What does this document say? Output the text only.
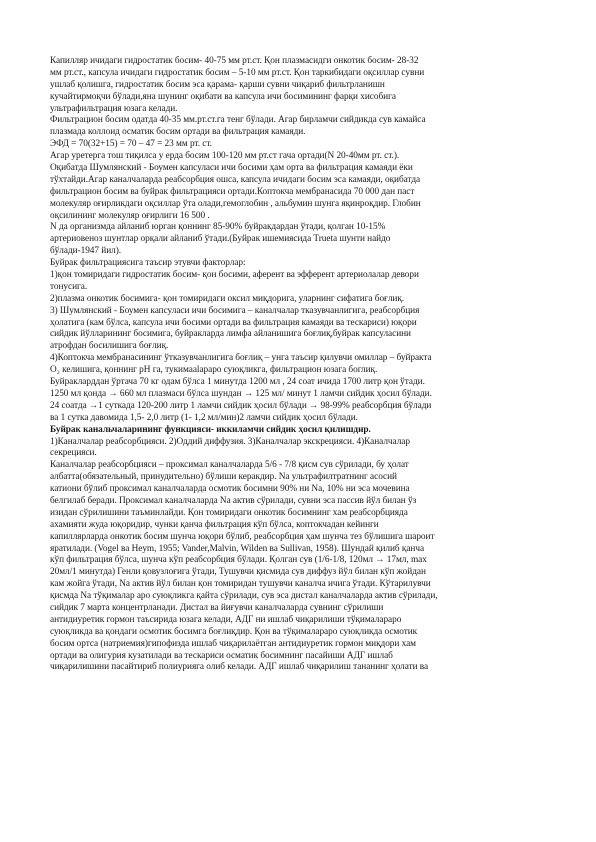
Капилляр ичидаги гидростатик босим- 40-75 мм рт.ст. Қон плазмасидги онкотик босим- 28-32
мм рт.ст., капсула ичидаги гидростатик босим – 5-10 мм рт.ст. Қон таркибидаги оқсиллар сувни
ушлаб қолишга, гидростатик босим эса қарама- қарши сувни чиқариб фильтрланишн
кучайтирмоқчи бўлади,яна шунинг оқибати ва капсула ичи босимининг фарқи хисобига
ультрафильтрация юзага келади.
Фильтрацион босим одатда 40-35 мм.рт.ст.га тенг бўлади. Агар бирламчи сийдикда сув камайса
плазмада коллоид осматик босим ортади ва фильтрация камаяди.
ЭФД = 70(32+15) = 70 – 47 = 23 мм рт. ст.
Агар уретерга тош тиқилса у ерда босим 100-120 мм рт.ст гача ортади(N 20-40мм рт. ст.).
Оқибатда Шумлянский - Боумен капсуласи ичи босими ҳам орта ва фильтрация камаяди ёки
тўхтайди.Агар каналчаларда реабсорбция ошса, капсула ичидаги босим эса камаяди, оқибатда
фильтрацион босим ва буйрак фильтрацияси ортади.Коптокча мембранасида 70 000 дан паст
молекуляр оғирликдаги оқсиллар ўта олади,гемоглобин , альбумин шунга яқинроқдир. Глобин
оқсилининг молекуляр оғирлиги 16 500 .
N да организмда айланиб юрган қоннинг 85-90% буйракдардан ўтади, қолган 10-15%
артериовеноз шунтлар орқали айланиб ўтади.(Буйрак ишемиясида Trueta шунти найдо
бўлади-1947 йил).
Буйрак фильтрациясига таъсир этувчи факторлар:
1)қон томиридаги гидростатик босим- қон босими, аферент ва эфферент артериолалар девори
тонусига.
2)плазма онкотик босимига- қон томиридаги оксил миқдорига, уларнинг сифатига боғлиқ.
3) Шумлянский - Боумен капсуласи ичи босимига – каналчалар тказувчанлигига, реабсорбция
ҳолатига (кам бўлса, капсула ичи босими ортади ва фильтрация камаяди ва тескариси) юқори
сийдик йўлларининг босимига, буйракларда лимфа айланишига боғлиқ,буйрак капсуласини
атрофдан босилишига боғлиқ.
4)Коптокча мембранасининг ўтказувчанлигига боғлиқ – унга таъсир қилувчи омиллар – буйракта
O₂ келишига, қоннинг pH га, тукимаalараро суюқликга, фильтрацион юзага боглиқ.
Буйракларддан ўртача 70 кг одам бўлса 1 минутда 1200 мл , 24 соат ичида 1700 литр қон ўтади.
1250 мл қонда → 660 мл плазмаси бўлса шундан → 125 мл/ минут 1 ламчи сийдик ҳосил бўлади.
24 соатда →1 суткада 120-200 литр 1 ламчи сийдик ҳосил бўлади → 98-99% реабсорбция бўлади
ва 1 сутка давомида 1,5- 2,0 литр (1- 1,2 мл/мин)2 ламчи сийдик ҳосил бўлади.
Буйрак канальчаларининг функцияси- иккиламчи сийдик ҳосил қилишдир.
1)Каналчалар реабсорбцияси. 2)Оддий диффузия. 3)Каналчалар экскрецияси. 4)Каналчалар
секрецияси.
Каналчалар реабсорбцияси – проксимал каналчаларда 5/6 - 7/8 қисм сув сўрилади, бу ҳолат
албатта(обязательный, принудительно) бўлиши керакдир. Na ультрафилтратнинг асосий
катиони бўлиб проксимал каналчаларда осмотик босимни 90% ни Na, 10% ни эса мочевина
белгилаб беради. Проксимал каналчаларда Na актив сўрилади, сувни эса пассив йўл билан ўз
изидан сўрилишини таъминлайди. Қон томиридаги онкотик босимнинг хам реабсорбцияда
ахамияти жуда юқоридир, чунки қанча фильтрация кўп бўлса, коптокчадан кейинги
капиллярларда онкотик босим шунча юқори бўлиб, реабсорбция ҳам шунча тез бўлишига шароит
яратилади. (Vogel ва Heym, 1955; Vander,Malvin, Wilden ва Sullivan, 1958). Шундай қилиб қанча
кўп фильтрация бўлса, шунча кўп реабсорбция бўлади. Қолган сув (1/6-1/8, 120мл → 17мл, max
20мл/1 минутда) Генли қовузлоғига ўтади, Тушувчи қисмида сув диффуз йўл билан кўп жойдан
кам жойга ўтади, Na актив йўл билан қон томиридан тушувчи каналча ичига ўтади. Кўтарилувчи
қисмда Na тўқималар аро суюқликга қайта сўрилади, сув эса дистал каналчаларда актив сўрилади,
сийдик 7 марта концентрланади. Дистал ва йиғувчи каналчаларда сувнинг сўрилиши
антидиуретик гормон таъсирида юзага келади, АДГ ни ишлаб чиқарилиши тўқималараро
суюқликда ва қондаги осмотик босимга боғлиқдир. Қон ва тўқималараро суюқликда осмотик
босим ортса (натриемия)гипофизда ишлаб чиқарилаётган антидиуретик гормон миқдори хам
ортади ва олигурия кузатилади ва тескариси осматик босимнинг пасайиши АДГ ишлаб
чиқарилишини пасайтириб полиурияга олиб келади. АДГ ишлаб чиқарилиш тананинг ҳолати ва
